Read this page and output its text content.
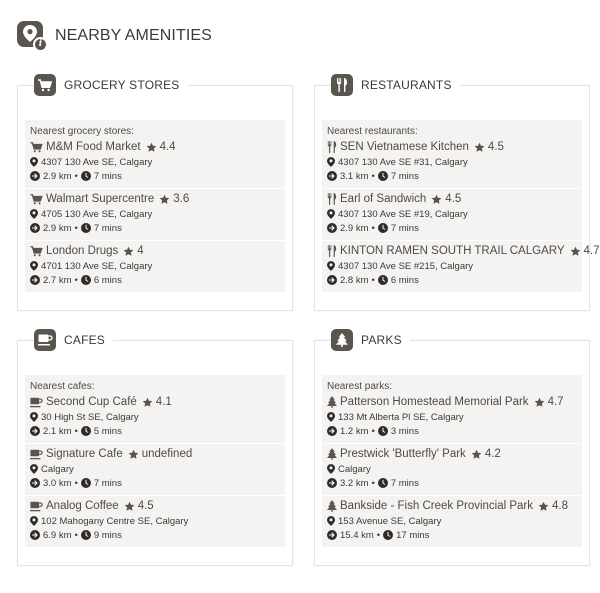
i NEARBY AMENITIES
GROCERY STORES
Nearest grocery stores:
M&M Food Market 4.4
4307 130 Ave SE, Calgary
2.9 km • 7 mins
Walmart Supercentre 3.6
4705 130 Ave SE, Calgary
2.9 km • 7 mins
London Drugs 4
4701 130 Ave SE, Calgary
2.7 km • 6 mins
RESTAURANTS
Nearest restaurants:
SEN Vietnamese Kitchen 4.5
4307 130 Ave SE #31, Calgary
3.1 km • 7 mins
Earl of Sandwich 4.5
4307 130 Ave SE #19, Calgary
2.9 km • 7 mins
KINTON RAMEN SOUTH TRAIL CALGARY 4.7
4307 130 Ave SE #215, Calgary
2.8 km • 6 mins
CAFES
Nearest cafes:
Second Cup Café 4.1
30 High St SE, Calgary
2.1 km • 5 mins
Signature Cafe undefined
Calgary
3.0 km • 7 mins
Analog Coffee 4.5
102 Mahogany Centre SE, Calgary
6.9 km • 9 mins
PARKS
Nearest parks:
Patterson Homestead Memorial Park 4.7
133 Mt Alberta Pl SE, Calgary
1.2 km • 3 mins
Prestwick 'Butterfly' Park 4.2
Calgary
3.2 km • 7 mins
Bankside - Fish Creek Provincial Park 4.8
153 Avenue SE, Calgary
15.4 km • 17 mins
